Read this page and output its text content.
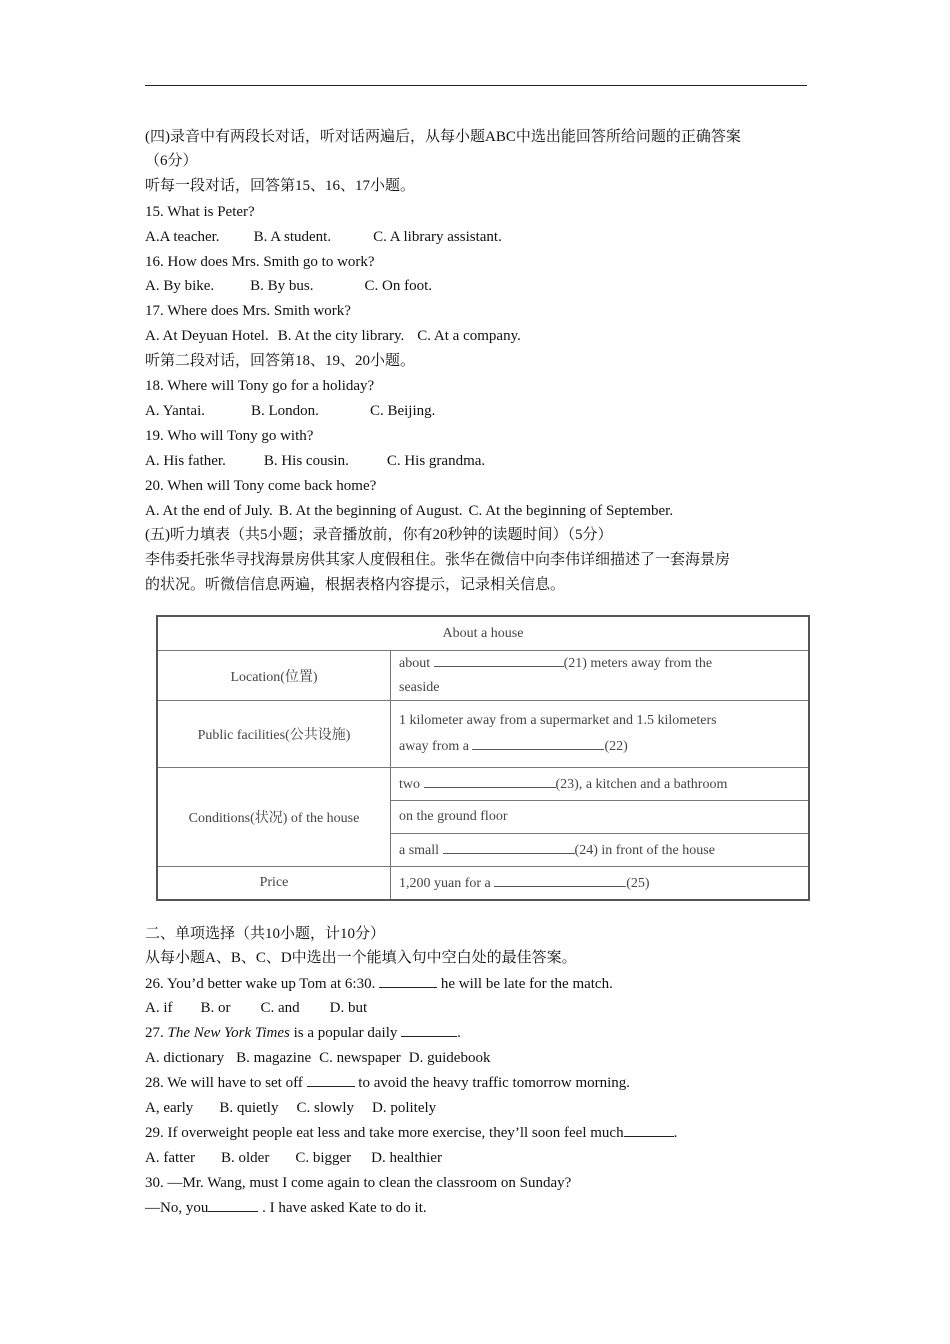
(四)录音中有两段长对话，听对话两遍后，从每小题ABC中选出能回答所给问题的正确答案
（6分）
听每一段对话，回答第15、16、17小题。
15. What is Peter?
A.A teacher. B. A student.	C. A library assistant.
16. How does Mrs. Smith go to work?
A. By bike. B. By bus.	C. On foot.
17. Where does Mrs. Smith work?
A. At Deyuan Hotel. B. At the city library. C. At a company.
听第二段对话，回答第18、19、20小题。
18. Where will Tony go for a holiday?
A. Yantai.	B. London.	C. Beijing.
19. Who will Tony go with?
A. His father.	B. His cousin.	C. His grandma.
20. When will Tony come back home?
A. At the end of July. B. At the beginning of August. C. At the beginning of September.
(五)听力填表（共5小题；录音播放前，你有20秒钟的读题时间）（5分）
李伟委托张华寻找海景房供其家人度假租住。张华在微信中向李伟详细描述了一套海景房
的状况。听微信信息两遍，根据表格内容提示，记录相关信息。
About a house	
Location(位置)	about (21) meters away from the
seaside

Public facilities(公共设施)	1 kilometer away from a supermarket and 1.5 kilometers
away from a (22)

Conditions(状况) of the house	two (23), a kitchen and a bathroom
	on the ground floor
	a small (24) in front of the house
Price	1,200 yuan for a (25)
二、单项选择（共10小题，计10分）
从每小题A、B、C、D中选出一个能填入句中空白处的最佳答案。
26. You’d better wake up Tom at 6:30.	he will be late for the match.
A. if B. or C. and D. but
27. The New York Times is a popular daily	.
A. dictionary B. magazine C. newspaper D. guidebook
28. We will have to set off	to avoid the heavy traffic tomorrow morning.
A, early B. quietly C. slowly D. politely
29. If overweight people eat less and take more exercise, they’ll soon feel much	.
A. fatter B. older C. bigger D. healthier
30. —Mr. Wang, must I come again to clean the classroom on Sunday?
—No, you	. I have asked Kate to do it.
